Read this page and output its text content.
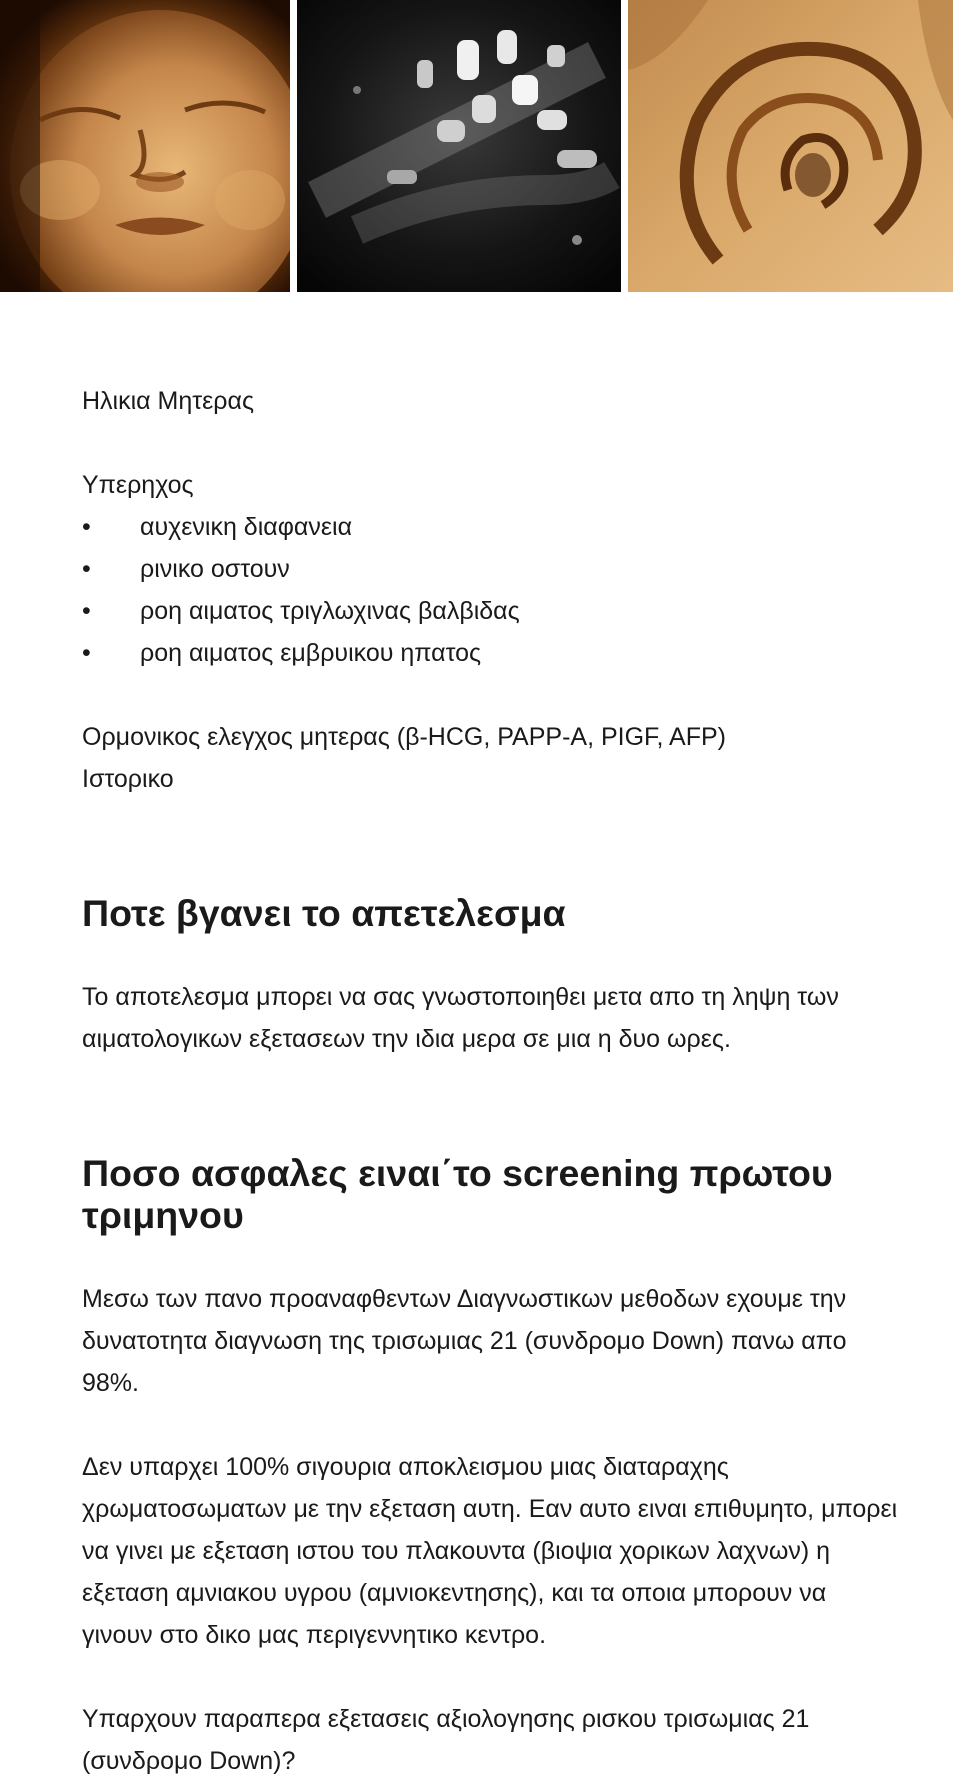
Ηλικια Μητερας

Υπερηχος

• αυχενικη διαφανεια
• ρινικο οστουν
• ροη αιματος τριγλωχινας βαλβιδας
• ροη αιματος εμβρυικου ηπατος

Ορμονικος ελεγχος μητερας (β-HCG, PAPP-A, PIGF, AFP)

Ιστορικο

Ποτε βγανει το απετελεσμα

Το αποτελεσμα μπορει να σας γνωστοποιηθει μετα απο τη ληψη των αιματολογικων εξετασεων την ιδια μερα σε μια η δυο ωρες.

Ποσο ασφαλες ειναι΄το screening πρωτου τριμηνου

Μεσω των πανο προαναφθεντων Διαγνωστικων μεθοδων εχουμε την δυνατοτητα διαγνωση της τρισωμιας 21 (συνδρομο Down) πανω απο 98%.

Δεν υπαρχει 100% σιγουρια αποκλεισμου μιας διαταραχης χρωματοσωματων με την εξεταση αυτη. Εαν αυτο ειναι επιθυμητο, μπορει να γινει με εξεταση ιστου του πλακουντα (βιοψια χορικων λαχνων) η εξεταση αμνιακου υγρου (αμνιοκεντησης), και τα οποια μπορουν να γινουν στο δικο μας περιγεννητικο κεντρο.

Υπαρχουν παραπερα εξετασεις αξιολογησης ρισκου τρισωμιας 21 (συνδρομο Down)?
